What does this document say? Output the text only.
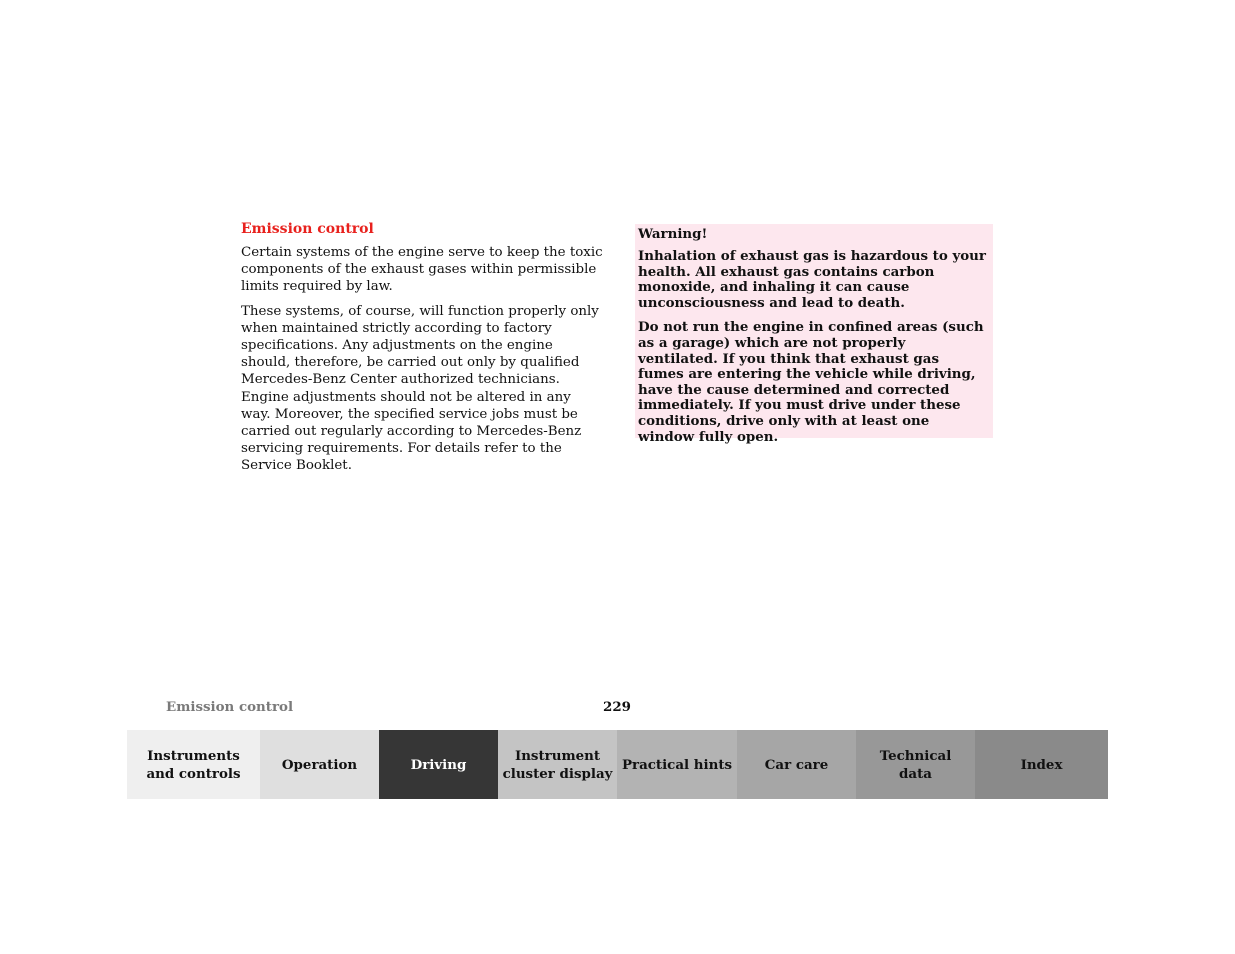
Emission control

Certain systems of the engine serve to keep the toxic components of the exhaust gases within permissible limits required by law.

These systems, of course, will function properly only when maintained strictly according to factory specifications. Any adjustments on the engine should, therefore, be carried out only by qualified Mercedes-Benz Center authorized technicians. Engine adjustments should not be altered in any way. Moreover, the specified service jobs must be carried out regularly according to Mercedes-Benz servicing requirements. For details refer to the Service Booklet.

Warning!

Inhalation of exhaust gas is hazardous to your health. All exhaust gas contains carbon monoxide, and inhaling it can cause unconsciousness and lead to death.

Do not run the engine in confined areas (such as a garage) which are not properly ventilated. If you think that exhaust gas fumes are entering the vehicle while driving, have the cause determined and corrected immediately. If you must drive under these conditions, drive only with at least one window fully open.

Emission control	229
Instruments
and controls
Operation	Driving
Instrument
cluster display
Practical hints	Car care
Technical
data
Index
